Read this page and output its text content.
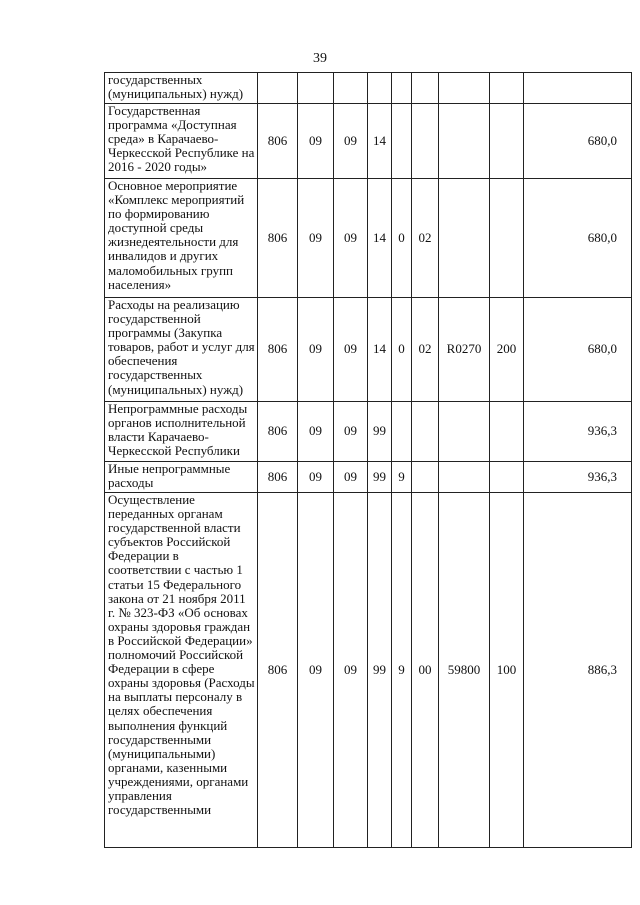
39
государственных (муниципальных) нужд)									
Государственная программа «Доступная среда» в Карачаево-Черкесской Республике на 2016 - 2020 годы»	806	09	09	14					680,0
Основное мероприятие «Комплекс мероприятий по формированию доступной среды жизнедеятельности для инвалидов и других маломобильных групп населения»	806	09	09	14	0	02			680,0
Расходы на реализацию государственной программы (Закупка товаров, работ и услуг для обеспечения государственных (муниципальных) нужд)	806	09	09	14	0	02	R0270	200	680,0
Непрограммные расходы органов исполнительной власти Карачаево-Черкесской Республики	806	09	09	99					936,3
Иные непрограммные расходы	806	09	09	99	9				936,3
Осуществление переданных органам государственной власти субъектов Российской Федерации в соответствии с частью 1 статьи 15 Федерального закона от 21 ноября 2011 г. № 323-ФЗ «Об основах охраны здоровья граждан в Российской Федерации» полномочий Российской Федерации в сфере охраны здоровья (Расходы на выплаты персоналу в целях обеспечения выполнения функций государственными (муниципальными) органами, казенными учреждениями, органами управления государственными	806	09	09	99	9	00	59800	100	886,3
